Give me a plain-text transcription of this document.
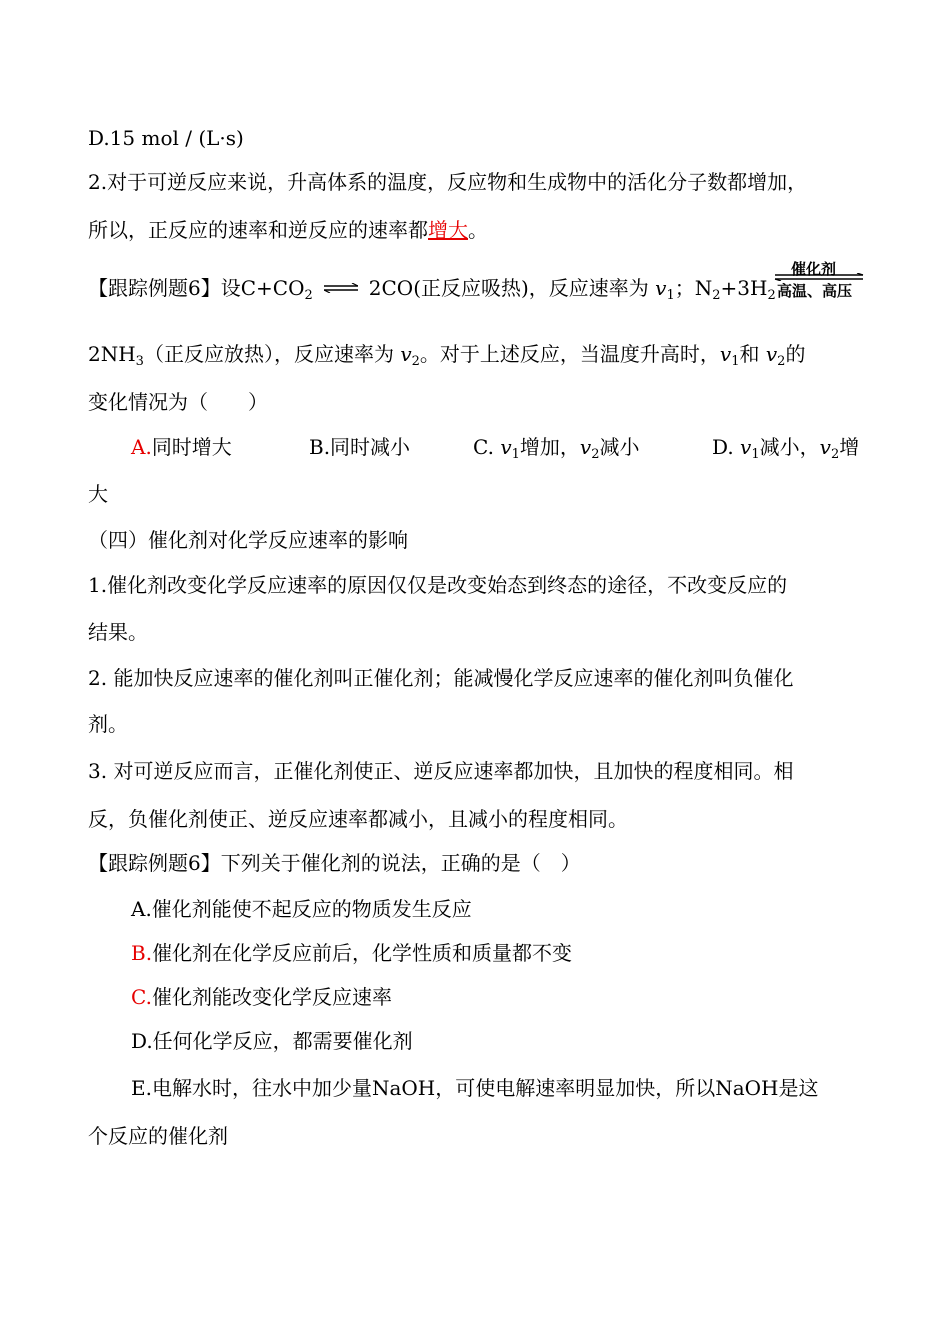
D.15 mol / (L·s)
2.对于可逆反应来说，升高体系的温度，反应物和生成物中的活化分子数都增加，
所以，正反应的速率和逆反应的速率都增大。
【跟踪例题6】设$C+CO_2$	2CO(正反应吸热)，反应速率为 $v_1$；$N_2+3H_2$
催化剂
高温、高压
$2NH_3$（正反应放热），反应速率为 $v_2$。对于上述反应，当温度升高时，$v_1$和 $v_2$的
变化情况为（　　）
A.同时增大	B.同时减小	C. $v_1$增加，$v_2$减小	D. $v_1$减小，$v_2$增
大
（四）催化剂对化学反应速率的影响
1.催化剂改变化学反应速率的原因仅仅是改变始态到终态的途径，不改变反应的
结果。
2. 能加快反应速率的催化剂叫正催化剂；能减慢化学反应速率的催化剂叫负催化
剂。
3. 对可逆反应而言，正催化剂使正、逆反应速率都加快，且加快的程度相同。相
反，负催化剂使正、逆反应速率都减小，且减小的程度相同。
【跟踪例题6】下列关于催化剂的说法，正确的是（　）
A.催化剂能使不起反应的物质发生反应
B.催化剂在化学反应前后，化学性质和质量都不变
C.催化剂能改变化学反应速率
D.任何化学反应，都需要催化剂
E.电解水时，往水中加少量NaOH，可使电解速率明显加快，所以NaOH是这
个反应的催化剂
